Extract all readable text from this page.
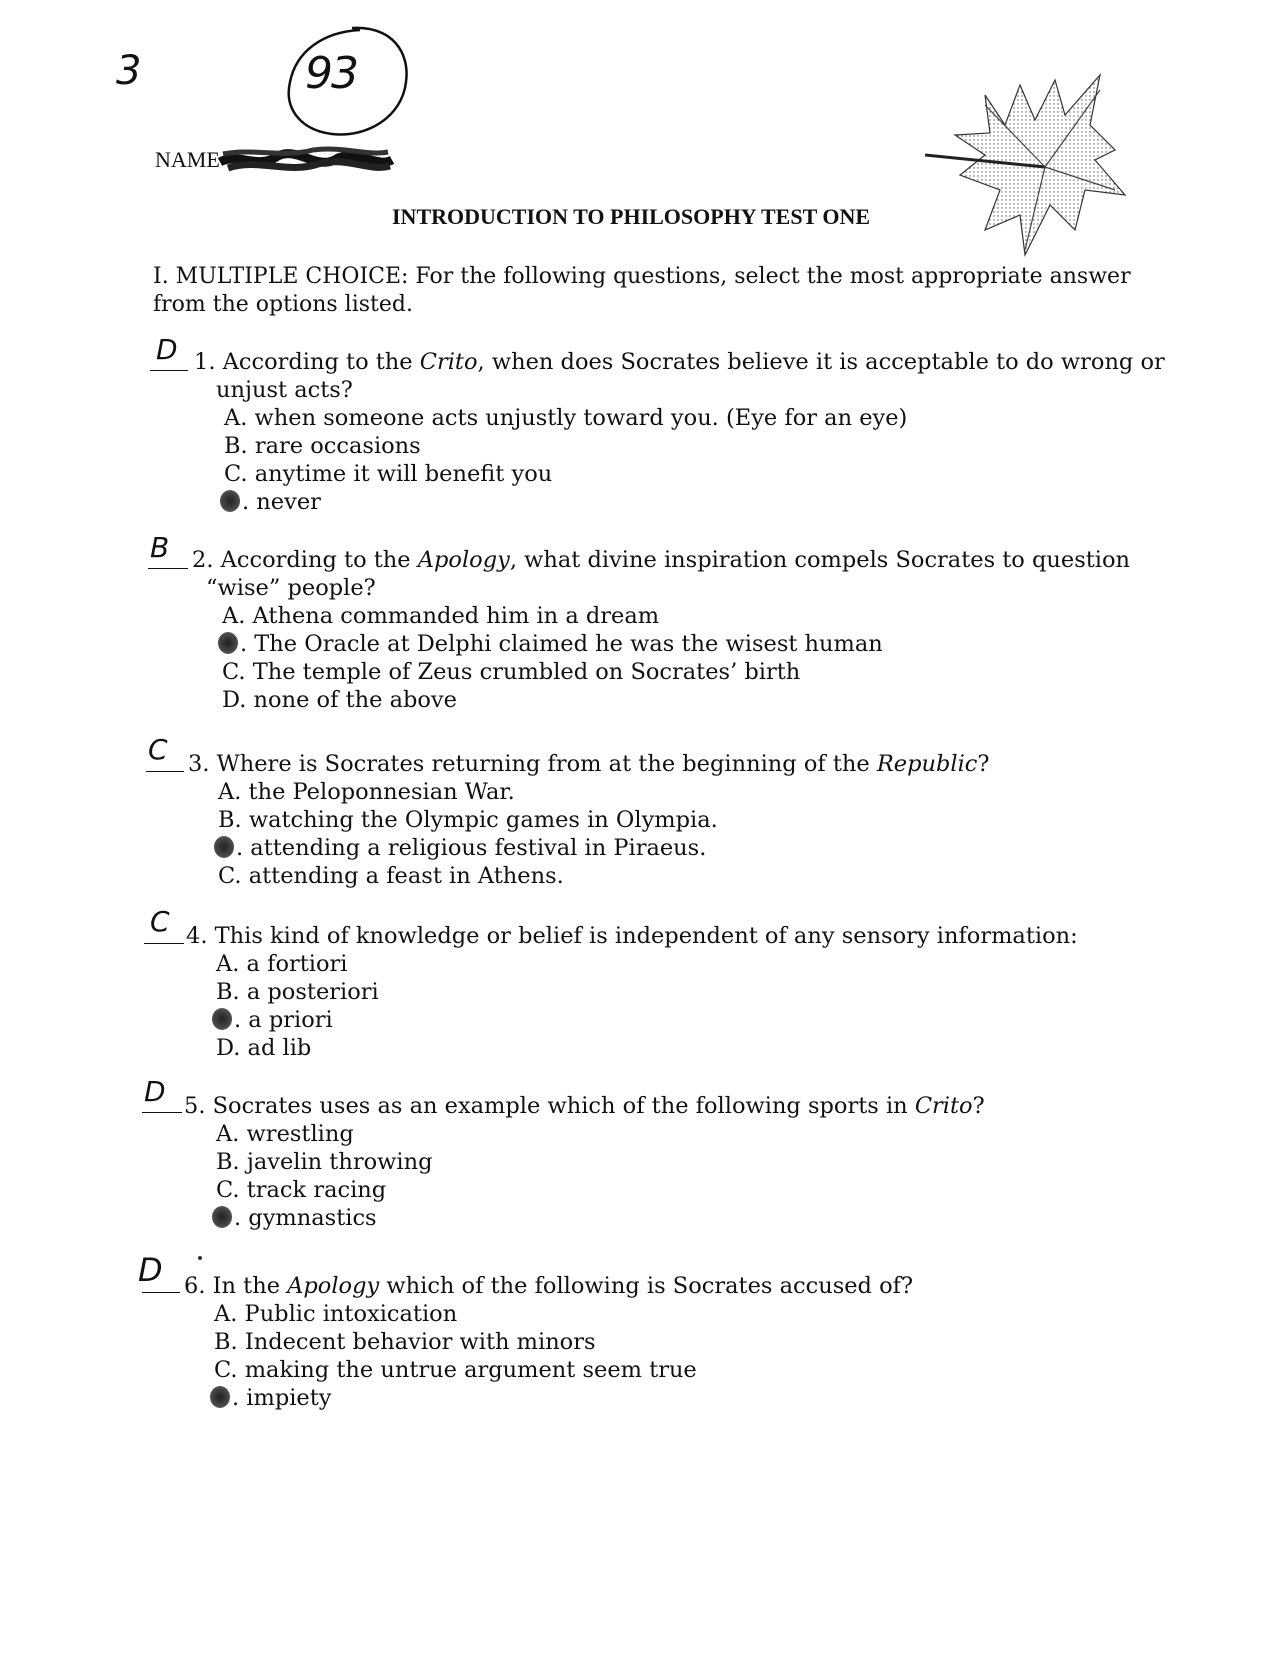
3	93
NAME
INTRODUCTION TO PHILOSOPHY TEST ONE
I. MULTIPLE CHOICE: For the following questions, select the most appropriate answer from the options listed.
D 1. According to the Crito, when does Socrates believe it is acceptable to do wrong or
unjust acts?
A. when someone acts unjustly toward you. (Eye for an eye)
B. rare occasions
C. anytime it will benefit you
. never
B 2. According to the Apology, what divine inspiration compels Socrates to question
“wise” people?
A. Athena commanded him in a dream
. The Oracle at Delphi claimed he was the wisest human
C. The temple of Zeus crumbled on Socrates’ birth
D. none of the above
C 3. Where is Socrates returning from at the beginning of the Republic?
A. the Peloponnesian War.
B. watching the Olympic games in Olympia.
. attending a religious festival in Piraeus.
C. attending a feast in Athens.
C 4. This kind of knowledge or belief is independent of any sensory information:
A. a fortiori
B. a posteriori
. a priori
D. ad lib
D 5. Socrates uses as an example which of the following sports in Crito?
A. wrestling
B. javelin throwing
C. track racing
. gymnastics
D 6. In the Apology which of the following is Socrates accused of?
A. Public intoxication
B. Indecent behavior with minors
C. making the untrue argument seem true
. impiety
